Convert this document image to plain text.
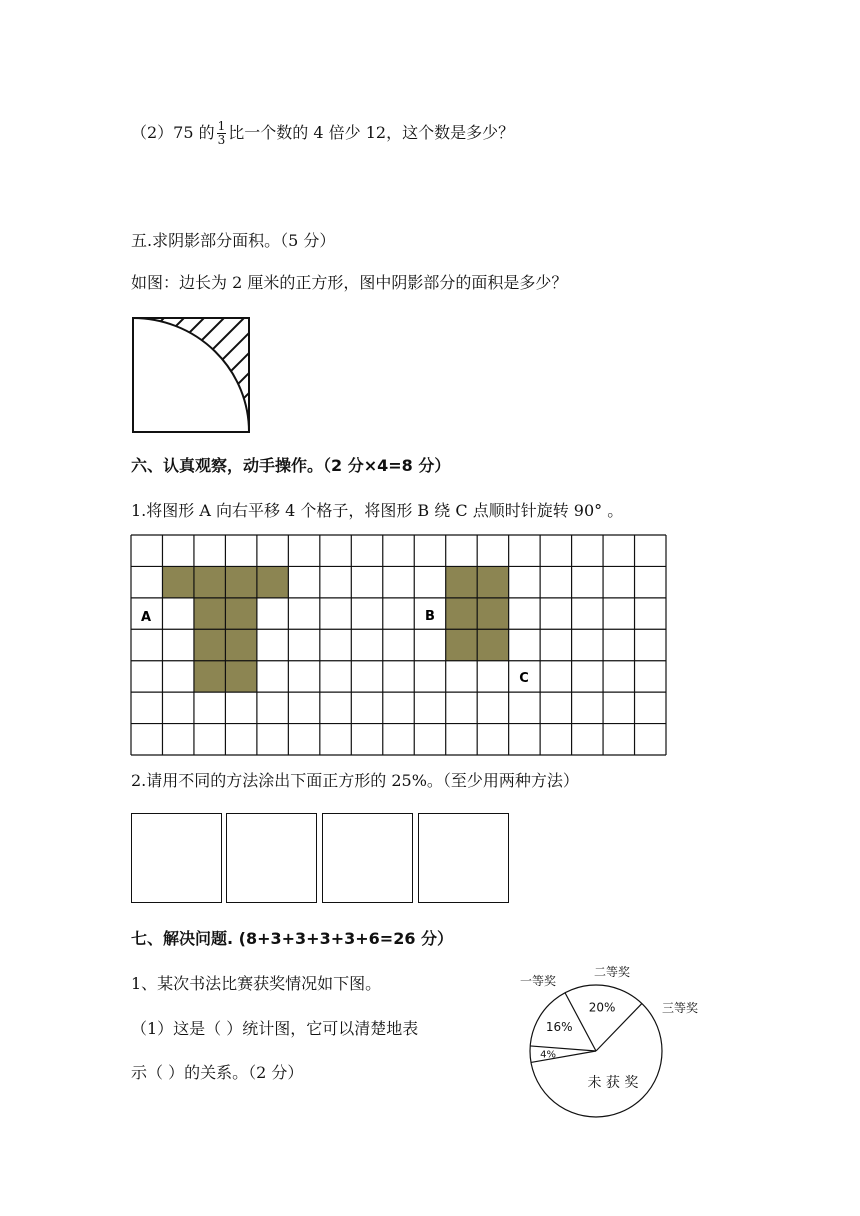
（2）75 的 $\frac{1}{3}$ 比一个数的 4 倍少 12，这个数是多少？
五.求阴影部分面积。（5 分）
如图：边长为 2 厘米的正方形，图中阴影部分的面积是多少？
六、认真观察，动手操作。（2 分×4=8 分）
1.将图形 A 向右平移 4 个格子，将图形 B 绕 C 点顺时针旋转 90° 。
A	B
C
2.请用不同的方法涂出下面正方形的 25%。（至少用两种方法）
七、解决问题. (8+3+3+3+3+6=26 分）
1、某次书法比赛获奖情况如下图。
（1）这是（ ）统计图，它可以清楚地表
示（ ）的关系。（2 分）
4%
一等奖
16%
二等奖
20%	三等奖
未 获 奖
